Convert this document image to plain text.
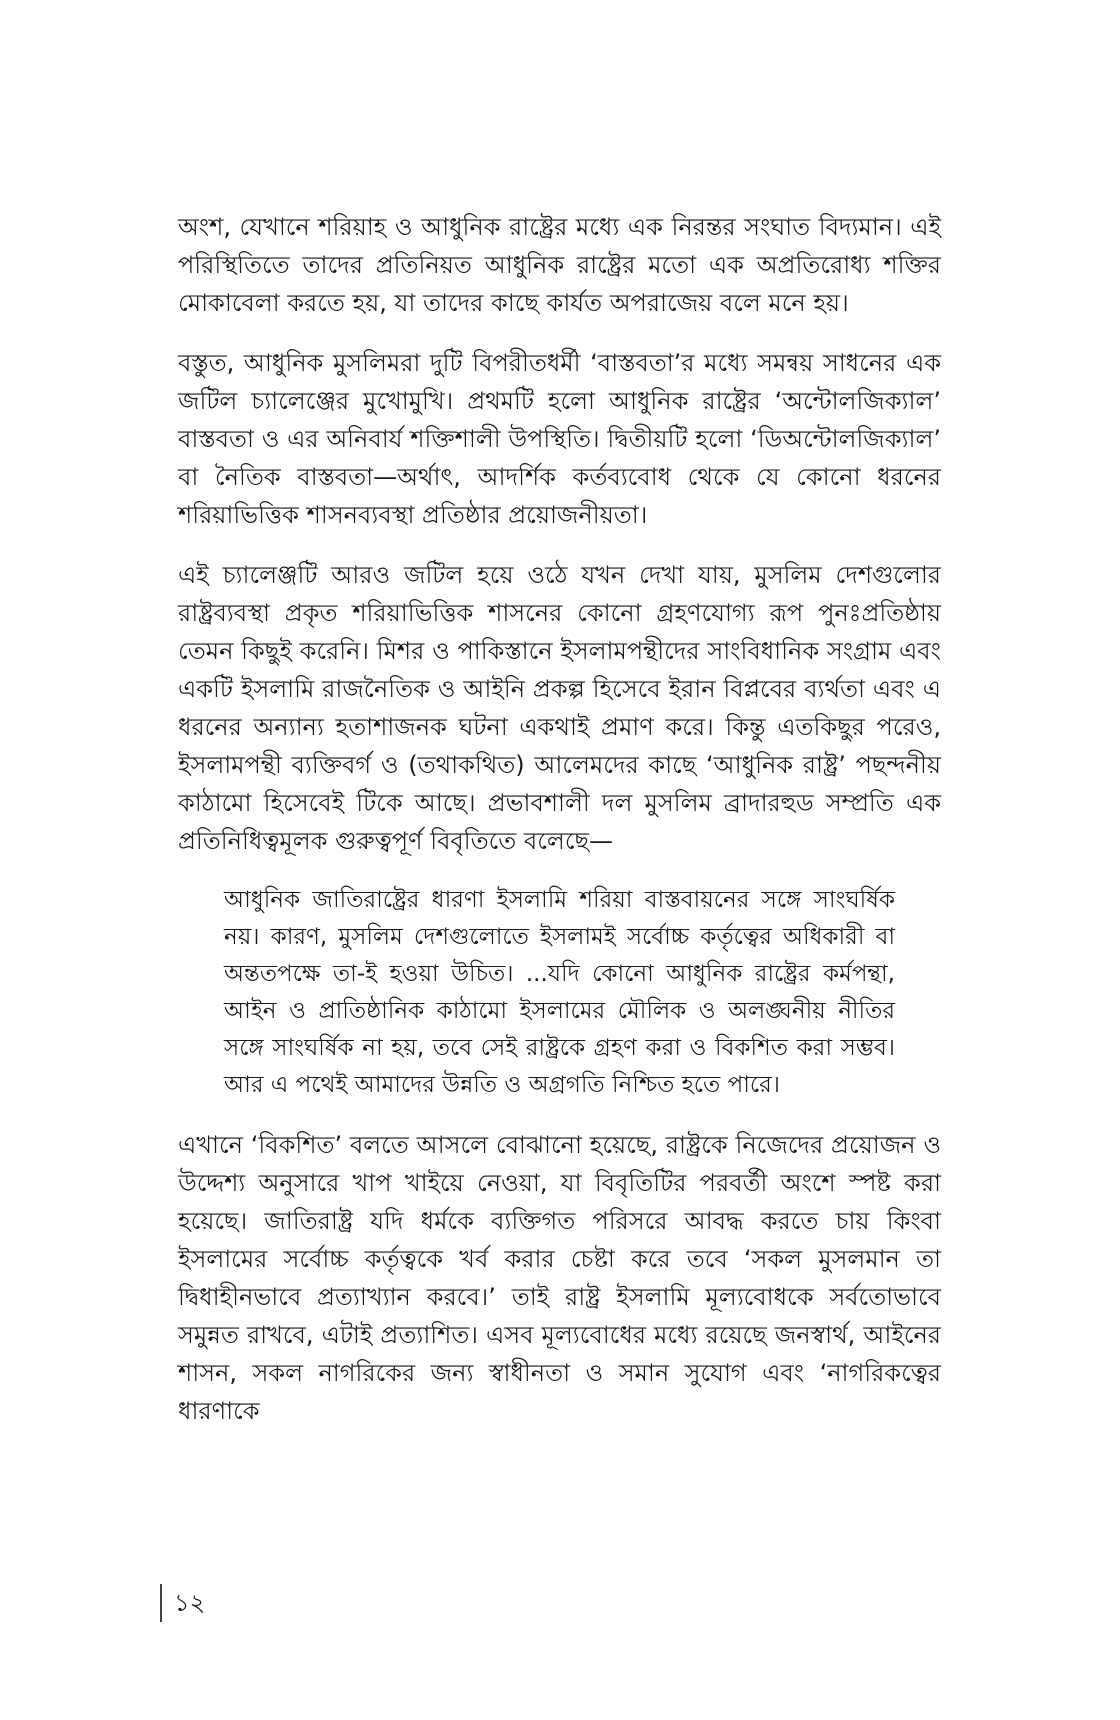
অংশ, যেখানে শরিয়াহ ও আধুনিক রাষ্ট্রের মধ্যে এক নিরন্তর সংঘাত বিদ্যমান। এই পরিস্থিতিতে তাদের প্রতিনিয়ত আধুনিক রাষ্ট্রের মতো এক অপ্রতিরোধ্য শক্তির মোকাবেলা করতে হয়, যা তাদের কাছে কার্যত অপরাজেয় বলে মনে হয়।

বস্তুত, আধুনিক মুসলিমরা দুটি বিপরীতধর্মী ‘বাস্তবতা’র মধ্যে সমন্বয় সাধনের এক জটিল চ্যালেঞ্জের মুখোমুখি। প্রথমটি হলো আধুনিক রাষ্ট্রের ‘অন্টোলজিক্যাল’ বাস্তবতা ও এর অনিবার্য শক্তিশালী উপস্থিতি। দ্বিতীয়টি হলো ‘ডিঅন্টোলজিক্যাল’ বা নৈতিক বাস্তবতা—অর্থাৎ, আদর্শিক কর্তব্যবোধ থেকে যে কোনো ধরনের শরিয়াভিত্তিক শাসনব্যবস্থা প্রতিষ্ঠার প্রয়োজনীয়তা।

এই চ্যালেঞ্জটি আরও জটিল হয়ে ওঠে যখন দেখা যায়, মুসলিম দেশগুলোর রাষ্ট্রব্যবস্থা প্রকৃত শরিয়াভিত্তিক শাসনের কোনো গ্রহণযোগ্য রূপ পুনঃপ্রতিষ্ঠায় তেমন কিছুই করেনি। মিশর ও পাকিস্তানে ইসলামপন্থীদের সাংবিধানিক সংগ্রাম এবং একটি ইসলামি রাজনৈতিক ও আইনি প্রকল্প হিসেবে ইরান বিপ্লবের ব্যর্থতা এবং এ ধরনের অন্যান্য হতাশাজনক ঘটনা একথাই প্রমাণ করে। কিন্তু এতকিছুর পরেও, ইসলামপন্থী ব্যক্তিবর্গ ও (তথাকথিত) আলেমদের কাছে ‘আধুনিক রাষ্ট্র’ পছন্দনীয় কাঠামো হিসেবেই টিকে আছে। প্রভাবশালী দল মুসলিম ব্রাদারহুড সম্প্রতি এক প্রতিনিধিত্বমূলক গুরুত্বপূর্ণ বিবৃতিতে বলেছে—

আধুনিক জাতিরাষ্ট্রের ধারণা ইসলামি শরিয়া বাস্তবায়নের সঙ্গে সাংঘর্ষিক নয়। কারণ, মুসলিম দেশগুলোতে ইসলামই সর্বোচ্চ কর্তৃত্বের অধিকারী বা অন্ততপক্ষে তা-ই হওয়া উচিত। ...যদি কোনো আধুনিক রাষ্ট্রের কর্মপন্থা, আইন ও প্রাতিষ্ঠানিক কাঠামো ইসলামের মৌলিক ও অলঙ্ঘনীয় নীতির সঙ্গে সাংঘর্ষিক না হয়, তবে সেই রাষ্ট্রকে গ্রহণ করা ও বিকশিত করা সম্ভব। আর এ পথেই আমাদের উন্নতি ও অগ্রগতি নিশ্চিত হতে পারে।

এখানে ‘বিকশিত’ বলতে আসলে বোঝানো হয়েছে, রাষ্ট্রকে নিজেদের প্রয়োজন ও উদ্দেশ্য অনুসারে খাপ খাইয়ে নেওয়া, যা বিবৃতিটির পরবর্তী অংশে স্পষ্ট করা হয়েছে। জাতিরাষ্ট্র যদি ধর্মকে ব্যক্তিগত পরিসরে আবদ্ধ করতে চায় কিংবা ইসলামের সর্বোচ্চ কর্তৃত্বকে খর্ব করার চেষ্টা করে তবে ‘সকল মুসলমান তা দ্বিধাহীনভাবে প্রত্যাখ্যান করবে।’ তাই রাষ্ট্র ইসলামি মূল্যবোধকে সর্বতোভাবে সমুন্নত রাখবে, এটাই প্রত্যাশিত। এসব মূল্যবোধের মধ্যে রয়েছে জনস্বার্থ, আইনের শাসন, সকল নাগরিকের জন্য স্বাধীনতা ও সমান সুযোগ এবং ‘নাগরিকত্বের ধারণাকে

১২
